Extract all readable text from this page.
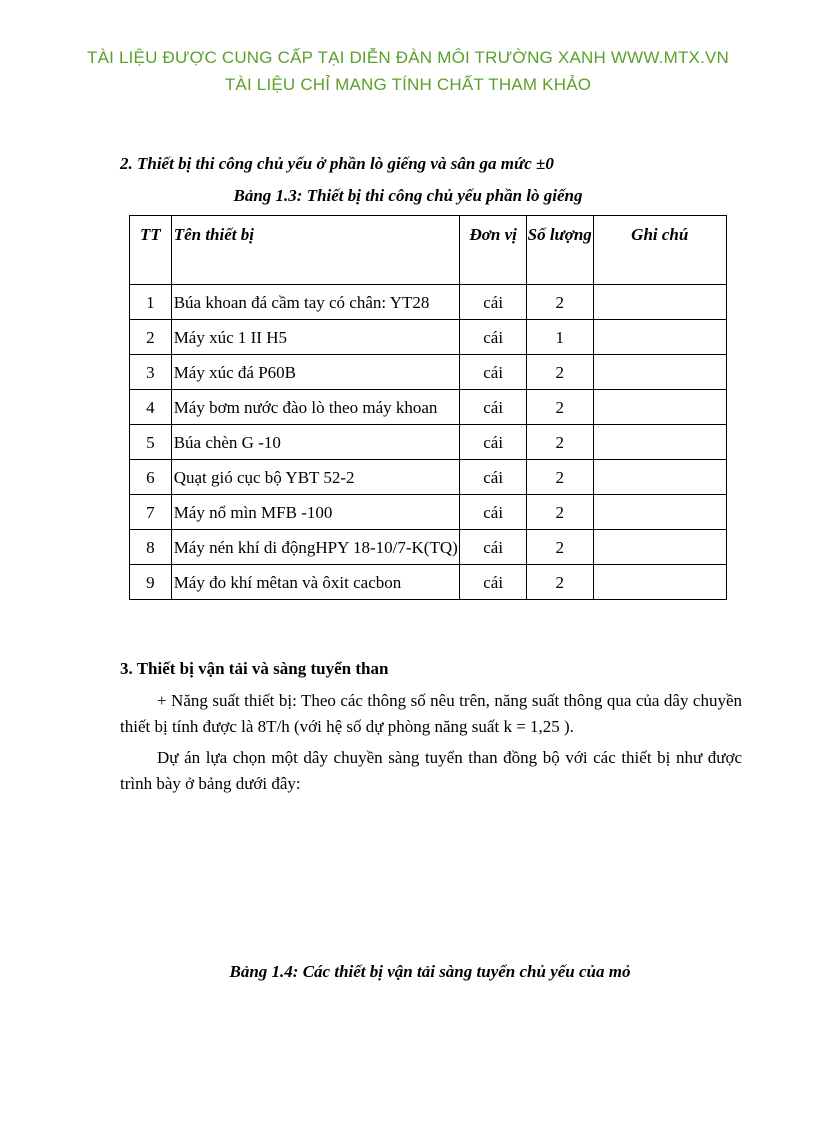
TÀI LIỆU ĐƯỢC CUNG CẤP TẠI DIỄN ĐÀN MÔI TRƯỜNG XANH WWW.MTX.VN
TÀI LIỆU CHỈ MANG TÍNH CHẤT THAM KHẢO
2. Thiết bị thi công chủ yếu ở phần lò giếng và sân ga mức ±0
Bảng 1.3: Thiết bị thi công chủ yếu phần lò giếng
TT	Tên thiết bị	Đơn vị	Số lượng	Ghi chú
1	Búa khoan đá cầm tay có chân: YT28	cái	2	
2	Máy xúc 1 II H5	cái	1	
3	Máy xúc đá P60B	cái	2	
4	Máy bơm nước đào lò theo máy khoan	cái	2	
5	Búa chèn G -10	cái	2	
6	Quạt gió cục bộ YBT 52-2	cái	2	
7	Máy nổ mìn MFB -100	cái	2	
8	Máy nén khí di độngHPY 18-10/7-K(TQ)	cái	2	
9	Máy đo khí mêtan và ôxit cacbon	cái	2	
3. Thiết bị vận tải và sàng tuyển than
+ Năng suất thiết bị: Theo các thông số nêu trên, năng suất thông qua của dây chuyền thiết bị tính được là 8T/h (với hệ số dự phòng năng suất k = 1,25 ).
Dự án lựa chọn một dây chuyền sàng tuyển than đồng bộ với các thiết bị như được trình bày ở bảng dưới đây:
Bảng 1.4: Các thiết bị vận tải sàng tuyển chủ yếu của mỏ
